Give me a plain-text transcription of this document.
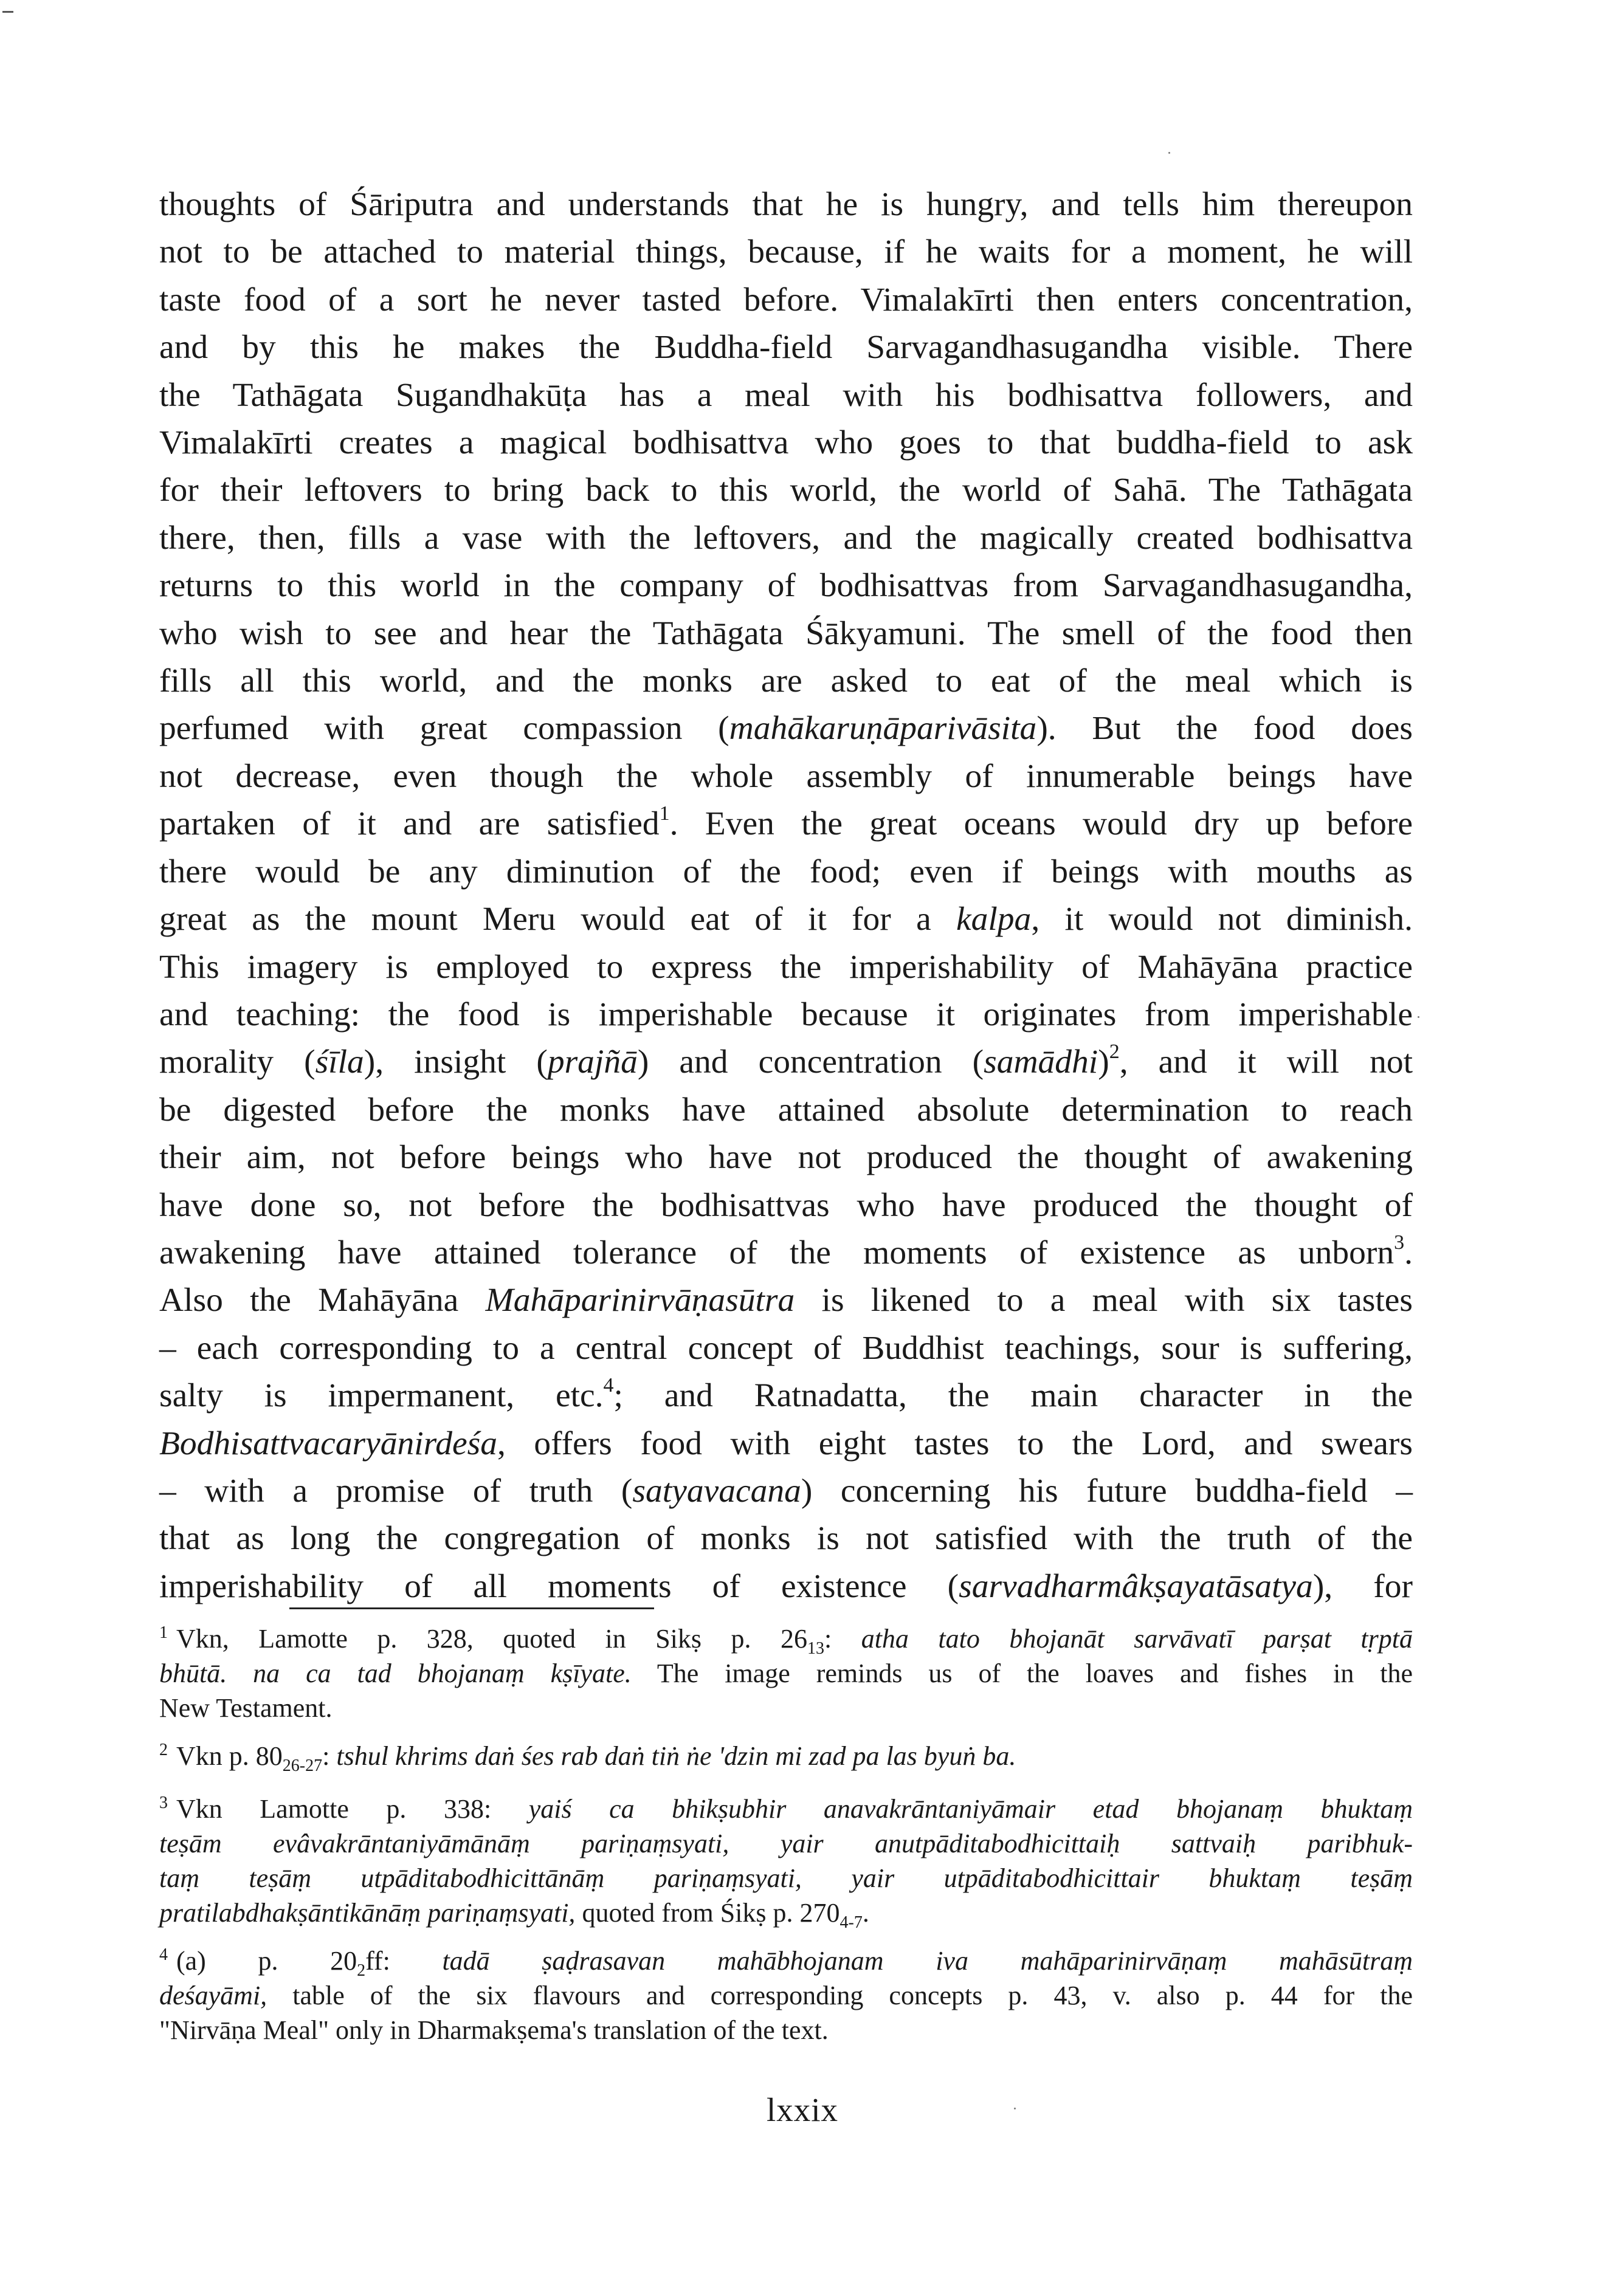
thoughts of Śāriputra and understands that he is hungry, and tells him thereupon
not to be attached to material things, because, if he waits for a moment, he will
taste food of a sort he never tasted before. Vimalakīrti then enters concentration,
and by this he makes the Buddha-field Sarvagandhasugandha visible. There
the Tathāgata Sugandhakūṭa has a meal with his bodhisattva followers, and
Vimalakīrti creates a magical bodhisattva who goes to that buddha-field to ask
for their leftovers to bring back to this world, the world of Sahā. The Tathāgata
there, then, fills a vase with the leftovers, and the magically created bodhisattva
returns to this world in the company of bodhisattvas from Sarvagandhasugandha,
who wish to see and hear the Tathāgata Śākyamuni. The smell of the food then
fills all this world, and the monks are asked to eat of the meal which is
perfumed with great compassion (mahākaruṇāparivāsita). But the food does
not decrease, even though the whole assembly of innumerable beings have
partaken of it and are satisfied$^1$. Even the great oceans would dry up before
there would be any diminution of the food; even if beings with mouths as
great as the mount Meru would eat of it for a kalpa, it would not diminish.
This imagery is employed to express the imperishability of Mahāyāna practice
and teaching: the food is imperishable because it originates from imperishable
morality (śīla), insight (prajñā) and concentration (samādhi)$^2$, and it will not
be digested before the monks have attained absolute determination to reach
their aim, not before beings who have not produced the thought of awakening
have done so, not before the bodhisattvas who have produced the thought of
awakening have attained tolerance of the moments of existence as unborn$^3$.
Also the Mahāyāna Mahāparinirvāṇasūtra is likened to a meal with six tastes
– each corresponding to a central concept of Buddhist teachings, sour is suffering,
salty is impermanent, etc.$^4$; and Ratnadatta, the main character in the
Bodhisattvacaryānirdeśa, offers food with eight tastes to the Lord, and swears
– with a promise of truth (satyavacana) concerning his future buddha-field –
that as long the congregation of monks is not satisfied with the truth of the
imperishability of all moments of existence (sarvadharmâkṣayatāsatya), for
$^1$ Vkn, Lamotte p. 328, quoted in Sikṣ p. $26_{13}$: atha tato bhojanāt sarvāvatī parṣat tṛptā
bhūtā. na ca tad bhojanaṃ kṣīyate. The image reminds us of the loaves and fishes in the
New Testament.
$^2$ Vkn p. $80_{26-27}$: tshul khrims daṅ śes rab daṅ tiṅ ṅe 'dzin mi zad pa las byuṅ ba.
$^3$ Vkn Lamotte p. 338: yaiś ca bhikṣubhir anavakrāntaniyāmair etad bhojanaṃ bhuktaṃ
teṣām evâvakrāntaniyāmānāṃ pariṇaṃsyati, yair anutpāditabodhicittaiḥ sattvaiḥ paribhuk-
taṃ teṣāṃ utpāditabodhicittānāṃ pariṇaṃsyati, yair utpāditabodhicittair bhuktaṃ teṣāṃ
pratilabdhakṣāntikānāṃ pariṇaṃsyati, quoted from Śikṣ p. $270_{4-7}$.
$^4$ (a) p. $20_2ff$: tadā ṣaḍrasavan mahābhojanam iva mahāparinirvāṇaṃ mahāsūtraṃ
deśayāmi, table of the six flavours and corresponding concepts p. 43, v. also p. 44 for the
"Nirvāṇa Meal" only in Dharmakṣema's translation of the text.
lxxix
